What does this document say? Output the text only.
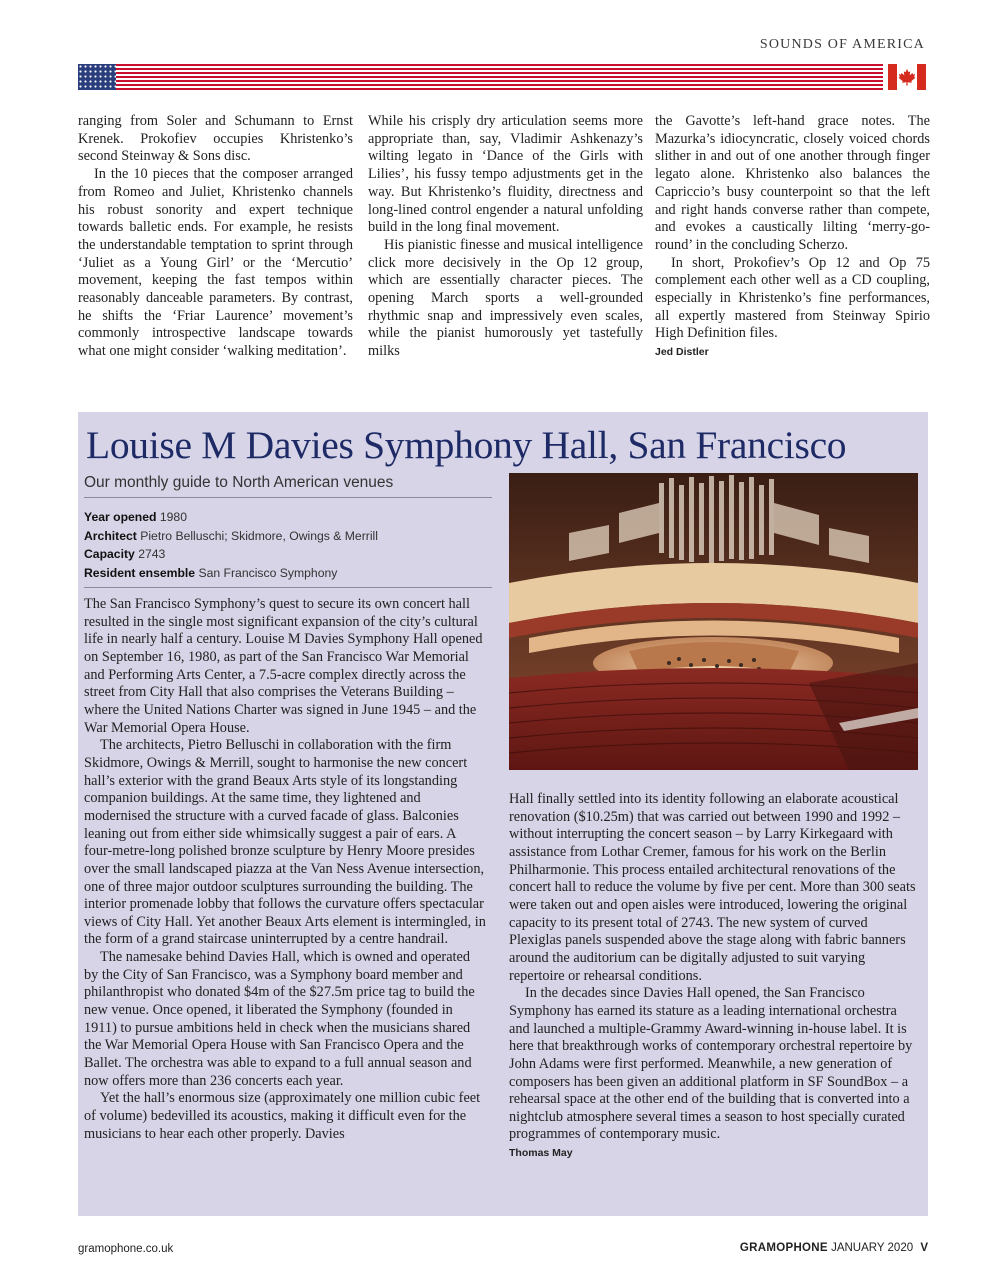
SOUNDS OF AMERICA

ranging from Soler and Schumann to Ernst Krenek. Prokofiev occupies Khristenko’s second Steinway & Sons disc.

In the 10 pieces that the composer arranged from Romeo and Juliet, Khristenko channels his robust sonority and expert technique towards balletic ends. For example, he resists the understandable temptation to sprint through ‘Juliet as a Young Girl’ or the ‘Mercutio’ movement, keeping the fast tempos within reasonably danceable parameters. By contrast, he shifts the ‘Friar Laurence’ movement’s commonly introspective landscape towards what one might consider ‘walking meditation’.

While his crisply dry articulation seems more appropriate than, say, Vladimir Ashkenazy’s wilting legato in ‘Dance of the Girls with Lilies’, his fussy tempo adjustments get in the way. But Khristenko’s fluidity, directness and long-lined control engender a natural unfolding build in the long final movement.

His pianistic finesse and musical intelligence click more decisively in the Op 12 group, which are essentially character pieces. The opening March sports a well-grounded rhythmic snap and impressively even scales, while the pianist humorously yet tastefully milks

the Gavotte’s left-hand grace notes. The Mazurka’s idiocyncratic, closely voiced chords slither in and out of one another through finger legato alone. Khristenko also balances the Capriccio’s busy counterpoint so that the left and right hands converse rather than compete, and evokes a caustically lilting ‘merry-go-round’ in the concluding Scherzo.

In short, Prokofiev’s Op 12 and Op 75 complement each other well as a CD coupling, especially in Khristenko’s fine performances, all expertly mastered from Steinway Spirio High Definition files.

Jed Distler
Louise M Davies Symphony Hall, San Francisco
Our monthly guide to North American venues
Year opened 1980
Architect Pietro Belluschi; Skidmore, Owings & Merrill
Capacity 2743
Resident ensemble San Francisco Symphony

The San Francisco Symphony’s quest to secure its own concert hall resulted in the single most significant expansion of the city’s cultural life in nearly half a century. Louise M Davies Symphony Hall opened on September 16, 1980, as part of the San Francisco War Memorial and Performing Arts Center, a 7.5-acre complex directly across the street from City Hall that also comprises the Veterans Building – where the United Nations Charter was signed in June 1945 – and the War Memorial Opera House.

The architects, Pietro Belluschi in collaboration with the firm Skidmore, Owings & Merrill, sought to harmonise the new concert hall’s exterior with the grand Beaux Arts style of its longstanding companion buildings. At the same time, they lightened and modernised the structure with a curved facade of glass. Balconies leaning out from either side whimsically suggest a pair of ears. A four-metre-long polished bronze sculpture by Henry Moore presides over the small landscaped piazza at the Van Ness Avenue intersection, one of three major outdoor sculptures surrounding the building. The interior promenade lobby that follows the curvature offers spectacular views of City Hall. Yet another Beaux Arts element is intermingled, in the form of a grand staircase uninterrupted by a centre handrail.

The namesake behind Davies Hall, which is owned and operated by the City of San Francisco, was a Symphony board member and philanthropist who donated $4m of the $27.5m price tag to build the new venue. Once opened, it liberated the Symphony (founded in 1911) to pursue ambitions held in check when the musicians shared the War Memorial Opera House with San Francisco Opera and the Ballet. The orchestra was able to expand to a full annual season and now offers more than 236 concerts each year.

Yet the hall’s enormous size (approximately one million cubic feet of volume) bedevilled its acoustics, making it difficult even for the musicians to hear each other properly. Davies

Hall finally settled into its identity following an elaborate acoustical renovation ($10.25m) that was carried out between 1990 and 1992 – without interrupting the concert season – by Larry Kirkegaard with assistance from Lothar Cremer, famous for his work on the Berlin Philharmonie. This process entailed architectural renovations of the concert hall to reduce the volume by five per cent. More than 300 seats were taken out and open aisles were introduced, lowering the original capacity to its present total of 2743. The new system of curved Plexiglas panels suspended above the stage along with fabric banners around the auditorium can be digitally adjusted to suit varying repertoire or rehearsal conditions.

In the decades since Davies Hall opened, the San Francisco Symphony has earned its stature as a leading international orchestra and launched a multiple-Grammy Award-winning in-house label. It is here that breakthrough works of contemporary orchestral repertoire by John Adams were first performed. Meanwhile, a new generation of composers has been given an additional platform in SF SoundBox – a rehearsal space at the other end of the building that is converted into a nightclub atmosphere several times a season to host specially curated programmes of contemporary music.

Thomas May
gramophone.co.uk	GRAMOPHONE JANUARY 2020 V
